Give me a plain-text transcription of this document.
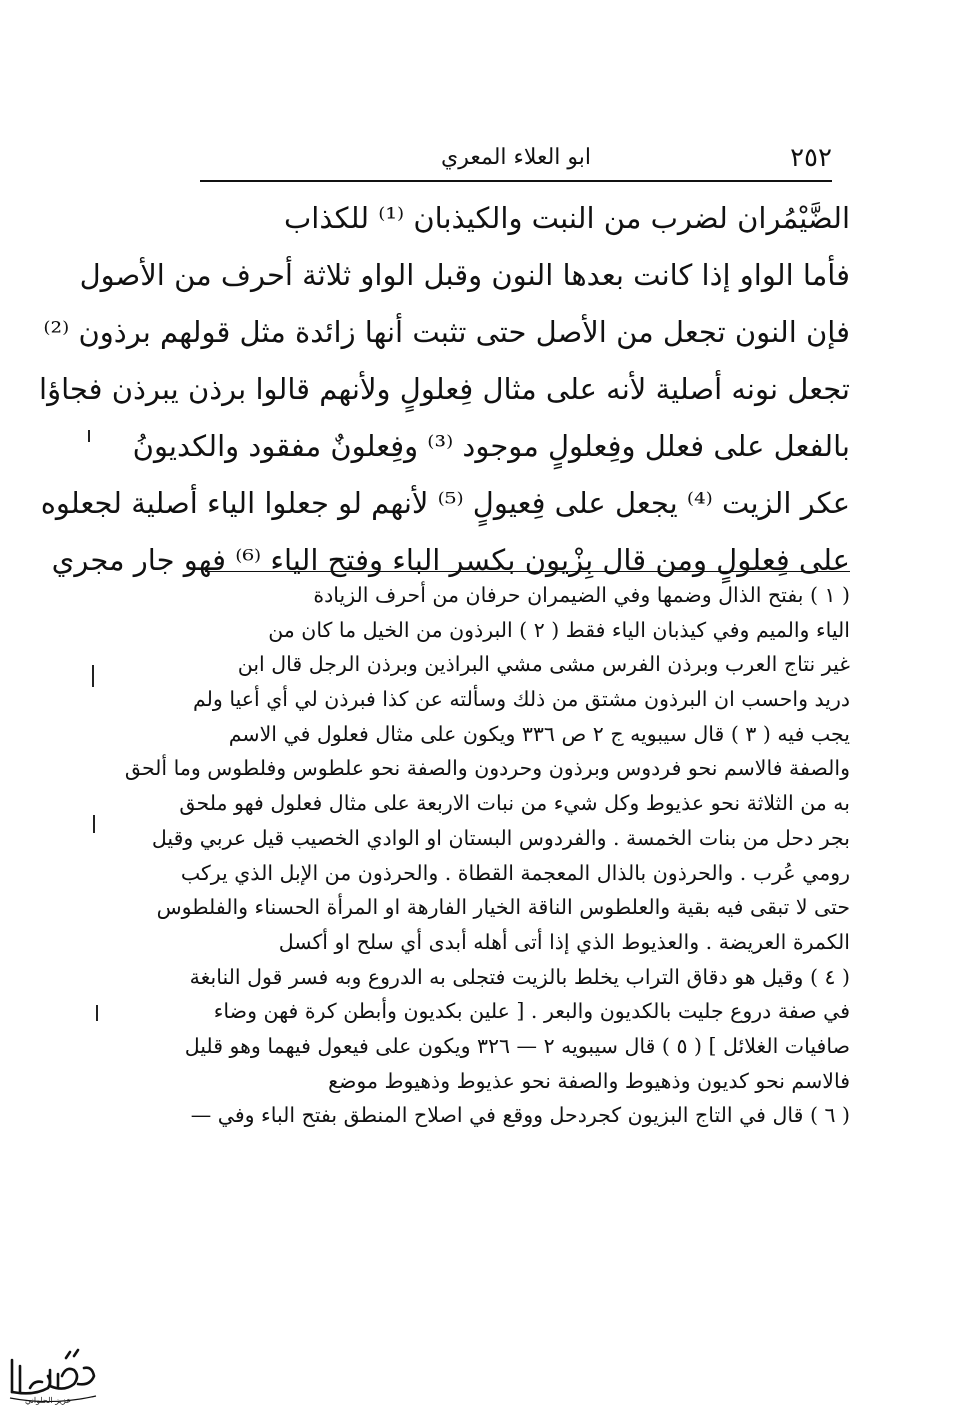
ابو العلاء المعري	٢٥٢
الضَّيْمُران لضرب من النبت والكيذبان ⁽¹⁾ للكذاب
فأما الواو إذا كانت بعدها النون وقبل الواو ثلاثة أحرف من الأصول
فإن النون تجعل من الأصل حتى تثبت أنها زائدة مثل قولهم برذون ⁽²⁾
تجعل نونه أصلية لأنه على مثال فِعلولٍ ولأنهم قالوا برذن يبرذن فجاؤا
بالفعل على فعلل وفِعلولٍ موجود ⁽³⁾ وفِعلونٌ مفقود والكديونُ
عكر الزيت ⁽⁴⁾ يجعل على فِعيولٍ ⁽⁵⁾ لأنهم لو جعلوا الياء أصلية لجعلوه
على فِعلولٍ ومن قال بِزْيون بكسر الباء وفتح الياء ⁽⁶⁾ فهو جار مجري
( ١ ) بفتح الذال وضمها وفي الضيمران حرفان من أحرف الزيادة
الياء والميم وفي كيذبان الياء فقط ( ٢ ) البرذون من الخيل ما كان من
غير نتاج العرب وبرذن الفرس مشى مشي البراذين وبرذن الرجل قال ابن
دريد واحسب ان البرذون مشتق من ذلك وسألته عن كذا فبرذن لي أي أعيا ولم
يجب فيه ( ٣ ) قال سيبويه ج ٢ ص ٣٣٦ ويكون على مثال فعلول في الاسم
والصفة فالاسم نحو فردوس وبرذون وحردون والصفة نحو علطوس وفلطوس وما ألحق
به من الثلاثة نحو عذيوط وكل شيء من نبات الاربعة على مثال فعلول فهو ملحق
بجر دحل من بنات الخمسة . والفردوس البستان او الوادي الخصيب قيل عربي وقيل
رومي عُرب . والحرذون بالذال المعجمة القطاة . والحرذون من الإبل الذي يركب
حتى لا تبقى فيه بقية والعلطوس الناقة الخيار الفارهة او المرأة الحسناء والفلطوس
الكمرة العريضة . والعذيوط الذي إذا أتى أهله أبدى أي سلح او أكسل
( ٤ ) وقيل هو دقاق التراب يخلط بالزيت فتجلى به الدروع وبه فسر قول النابغة
في صفة دروع جليت بالكديون والبعر . [ علين بكديون وأبطن كرة فهن وضاء
صافيات الغلائل ] ( ٥ ) قال سيبويه ٢ — ٣٢٦ ويكون على فيعول فيهما وهو قليل
فالاسم نحو كديون وذهيوط والصفة نحو عذيوط وذهيوط موضع
( ٦ ) قال في التاج البزيون كجردحل ووقع في اصلاح المنطق بفتح الباء وفي —
عزيز الحلواني
